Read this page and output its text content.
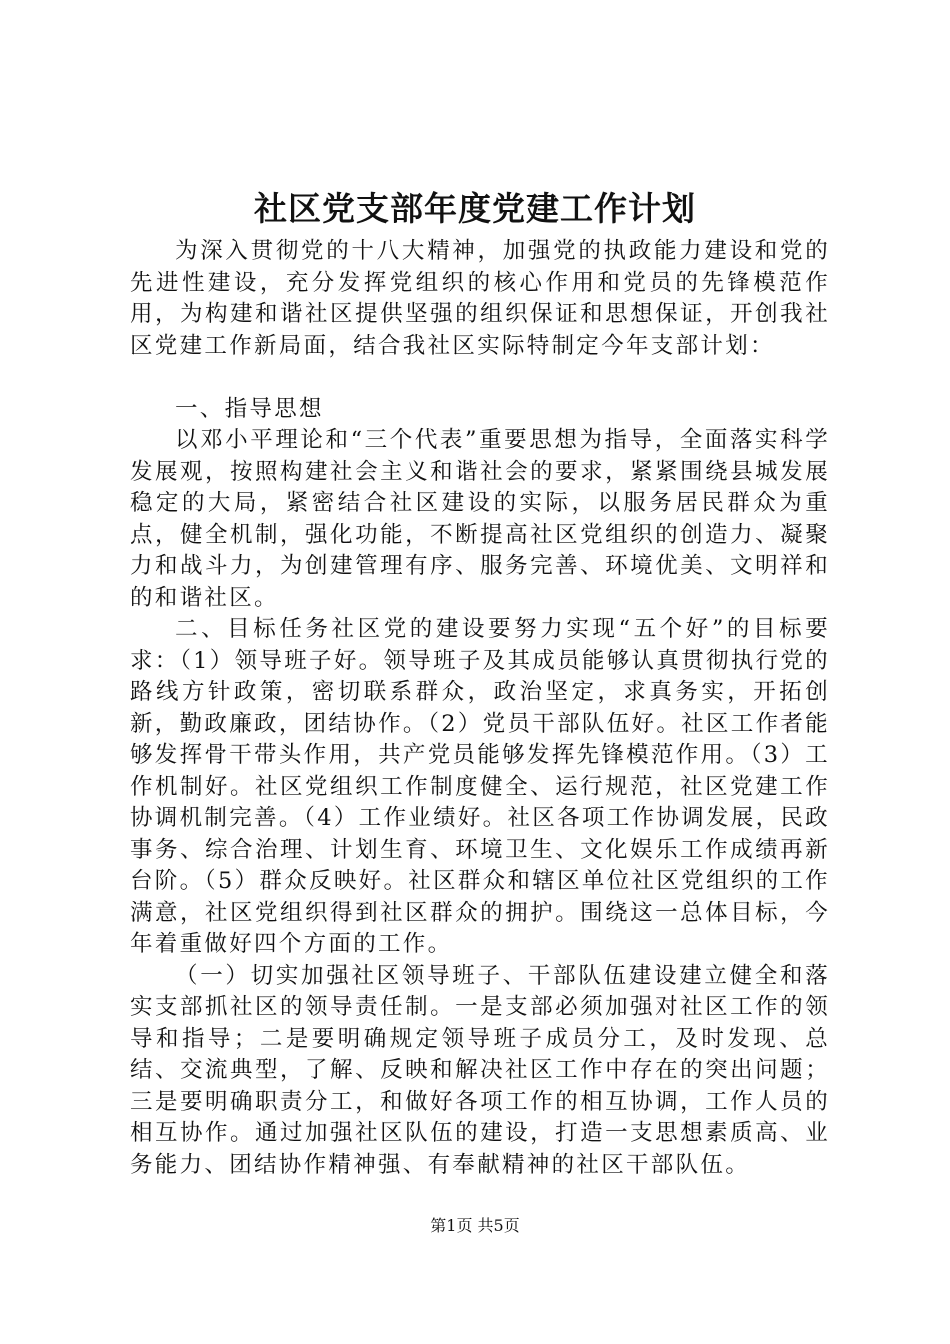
社区党支部年度党建工作计划

为深入贯彻党的十八大精神，加强党的执政能力建设和党的先进性建设，充分发挥党组织的核心作用和党员的先锋模范作用，为构建和谐社区提供坚强的组织保证和思想保证，开创我社区党建工作新局面，结合我社区实际特制定今年支部计划：

一、指导思想

以邓小平理论和“三个代表”重要思想为指导，全面落实科学发展观，按照构建社会主义和谐社会的要求，紧紧围绕县城发展稳定的大局，紧密结合社区建设的实际，以服务居民群众为重点，健全机制，强化功能，不断提高社区党组织的创造力、凝聚力和战斗力，为创建管理有序、服务完善、环境优美、文明祥和的和谐社区。

二、目标任务社区党的建设要努力实现“五个好”的目标要求：（1）领导班子好。领导班子及其成员能够认真贯彻执行党的路线方针政策，密切联系群众，政治坚定，求真务实，开拓创新，勤政廉政，团结协作。（2）党员干部队伍好。社区工作者能够发挥骨干带头作用，共产党员能够发挥先锋模范作用。（3）工作机制好。社区党组织工作制度健全、运行规范，社区党建工作协调机制完善。（4）工作业绩好。社区各项工作协调发展，民政事务、综合治理、计划生育、环境卫生、文化娱乐工作成绩再新台阶。（5）群众反映好。社区群众和辖区单位社区党组织的工作满意，社区党组织得到社区群众的拥护。围绕这一总体目标，今年着重做好四个方面的工作。

（一）切实加强社区领导班子、干部队伍建设建立健全和落实支部抓社区的领导责任制。一是支部必须加强对社区工作的领导和指导；二是要明确规定领导班子成员分工，及时发现、总结、交流典型，了解、反映和解决社区工作中存在的突出问题；三是要明确职责分工，和做好各项工作的相互协调，工作人员的相互协作。通过加强社区队伍的建设，打造一支思想素质高、业务能力、团结协作精神强、有奉献精神的社区干部队伍。

第1页 共5页
